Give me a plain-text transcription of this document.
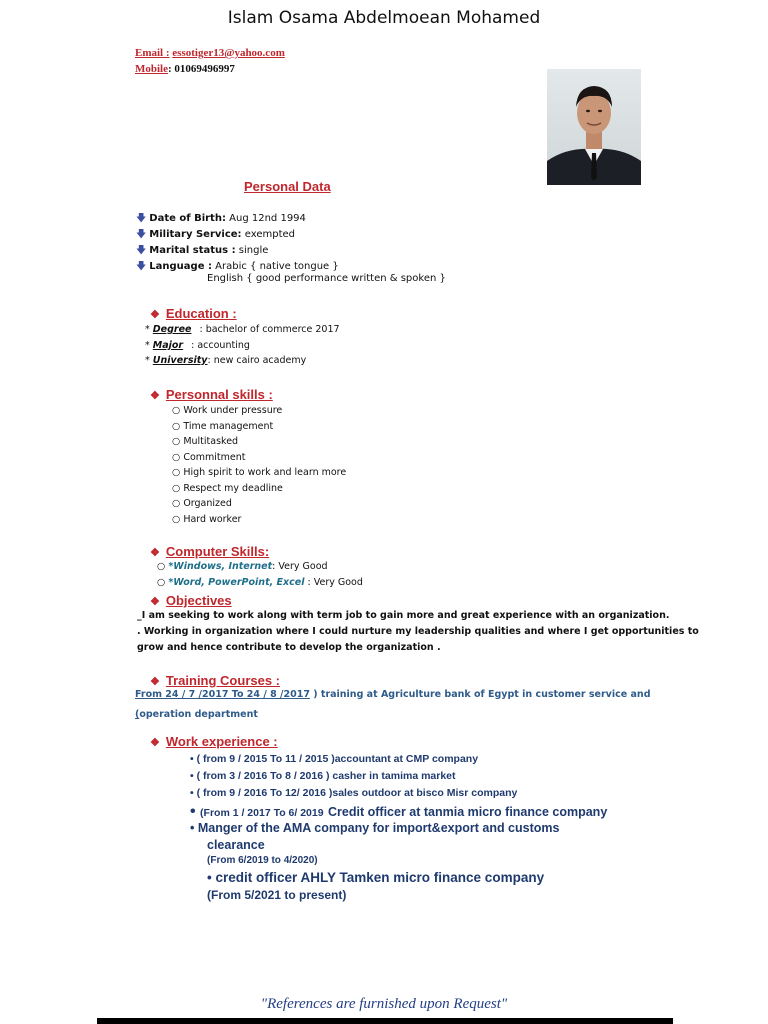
Islam Osama Abdelmoean Mohamed
Email : essotiger13@yahoo.com
Mobile: 01069496997
Personal Data
🡇 Date of Birth: Aug 12nd 1994
🡇 Military Service: exempted
🡇 Marital status : single
🡇 Language : Arabic { native tongue }
English { good performance written & spoken }
❖ Education :
* Degree : bachelor of commerce 2017
* Major : accounting
* University: new cairo academy
❖ Personnal skills :
○ Work under pressure
○ Time management
○ Multitasked
○ Commitment
○ High spirit to work and learn more
○ Respect my deadline
○ Organized
○ Hard worker
❖ Computer Skills:
○ *Windows, Internet: Very Good
○ *Word, PowerPoint, Excel : Very Good
❖ Objectives
_I am seeking to work along with term job to gain more and great experience with an organization.
. Working in organization where I could nurture my leadership qualities and where I get opportunities to
grow and hence contribute to develop the organization .
❖ Training Courses :
From 24 / 7 /2017 To 24 / 8 /2017 ) training at Agriculture bank of Egypt in customer service and
(operation department
❖ Work experience :
• ( from 9 / 2015 To 11 / 2015 )accountant at CMP company
• ( from 3 / 2016 To 8 / 2016 ) casher in tamima market
• ( from 9 / 2016 To 12/ 2016 )sales outdoor at bisco Misr company
• (From 1 / 2017 To 6/ 2019 Credit officer at tanmia micro finance company
• Manger of the AMA company for import&export and customs
clearance
(From 6/2019 to 4/2020)
• credit officer AHLY Tamken micro finance company
(From 5/2021 to present)
"References are furnished upon Request"
